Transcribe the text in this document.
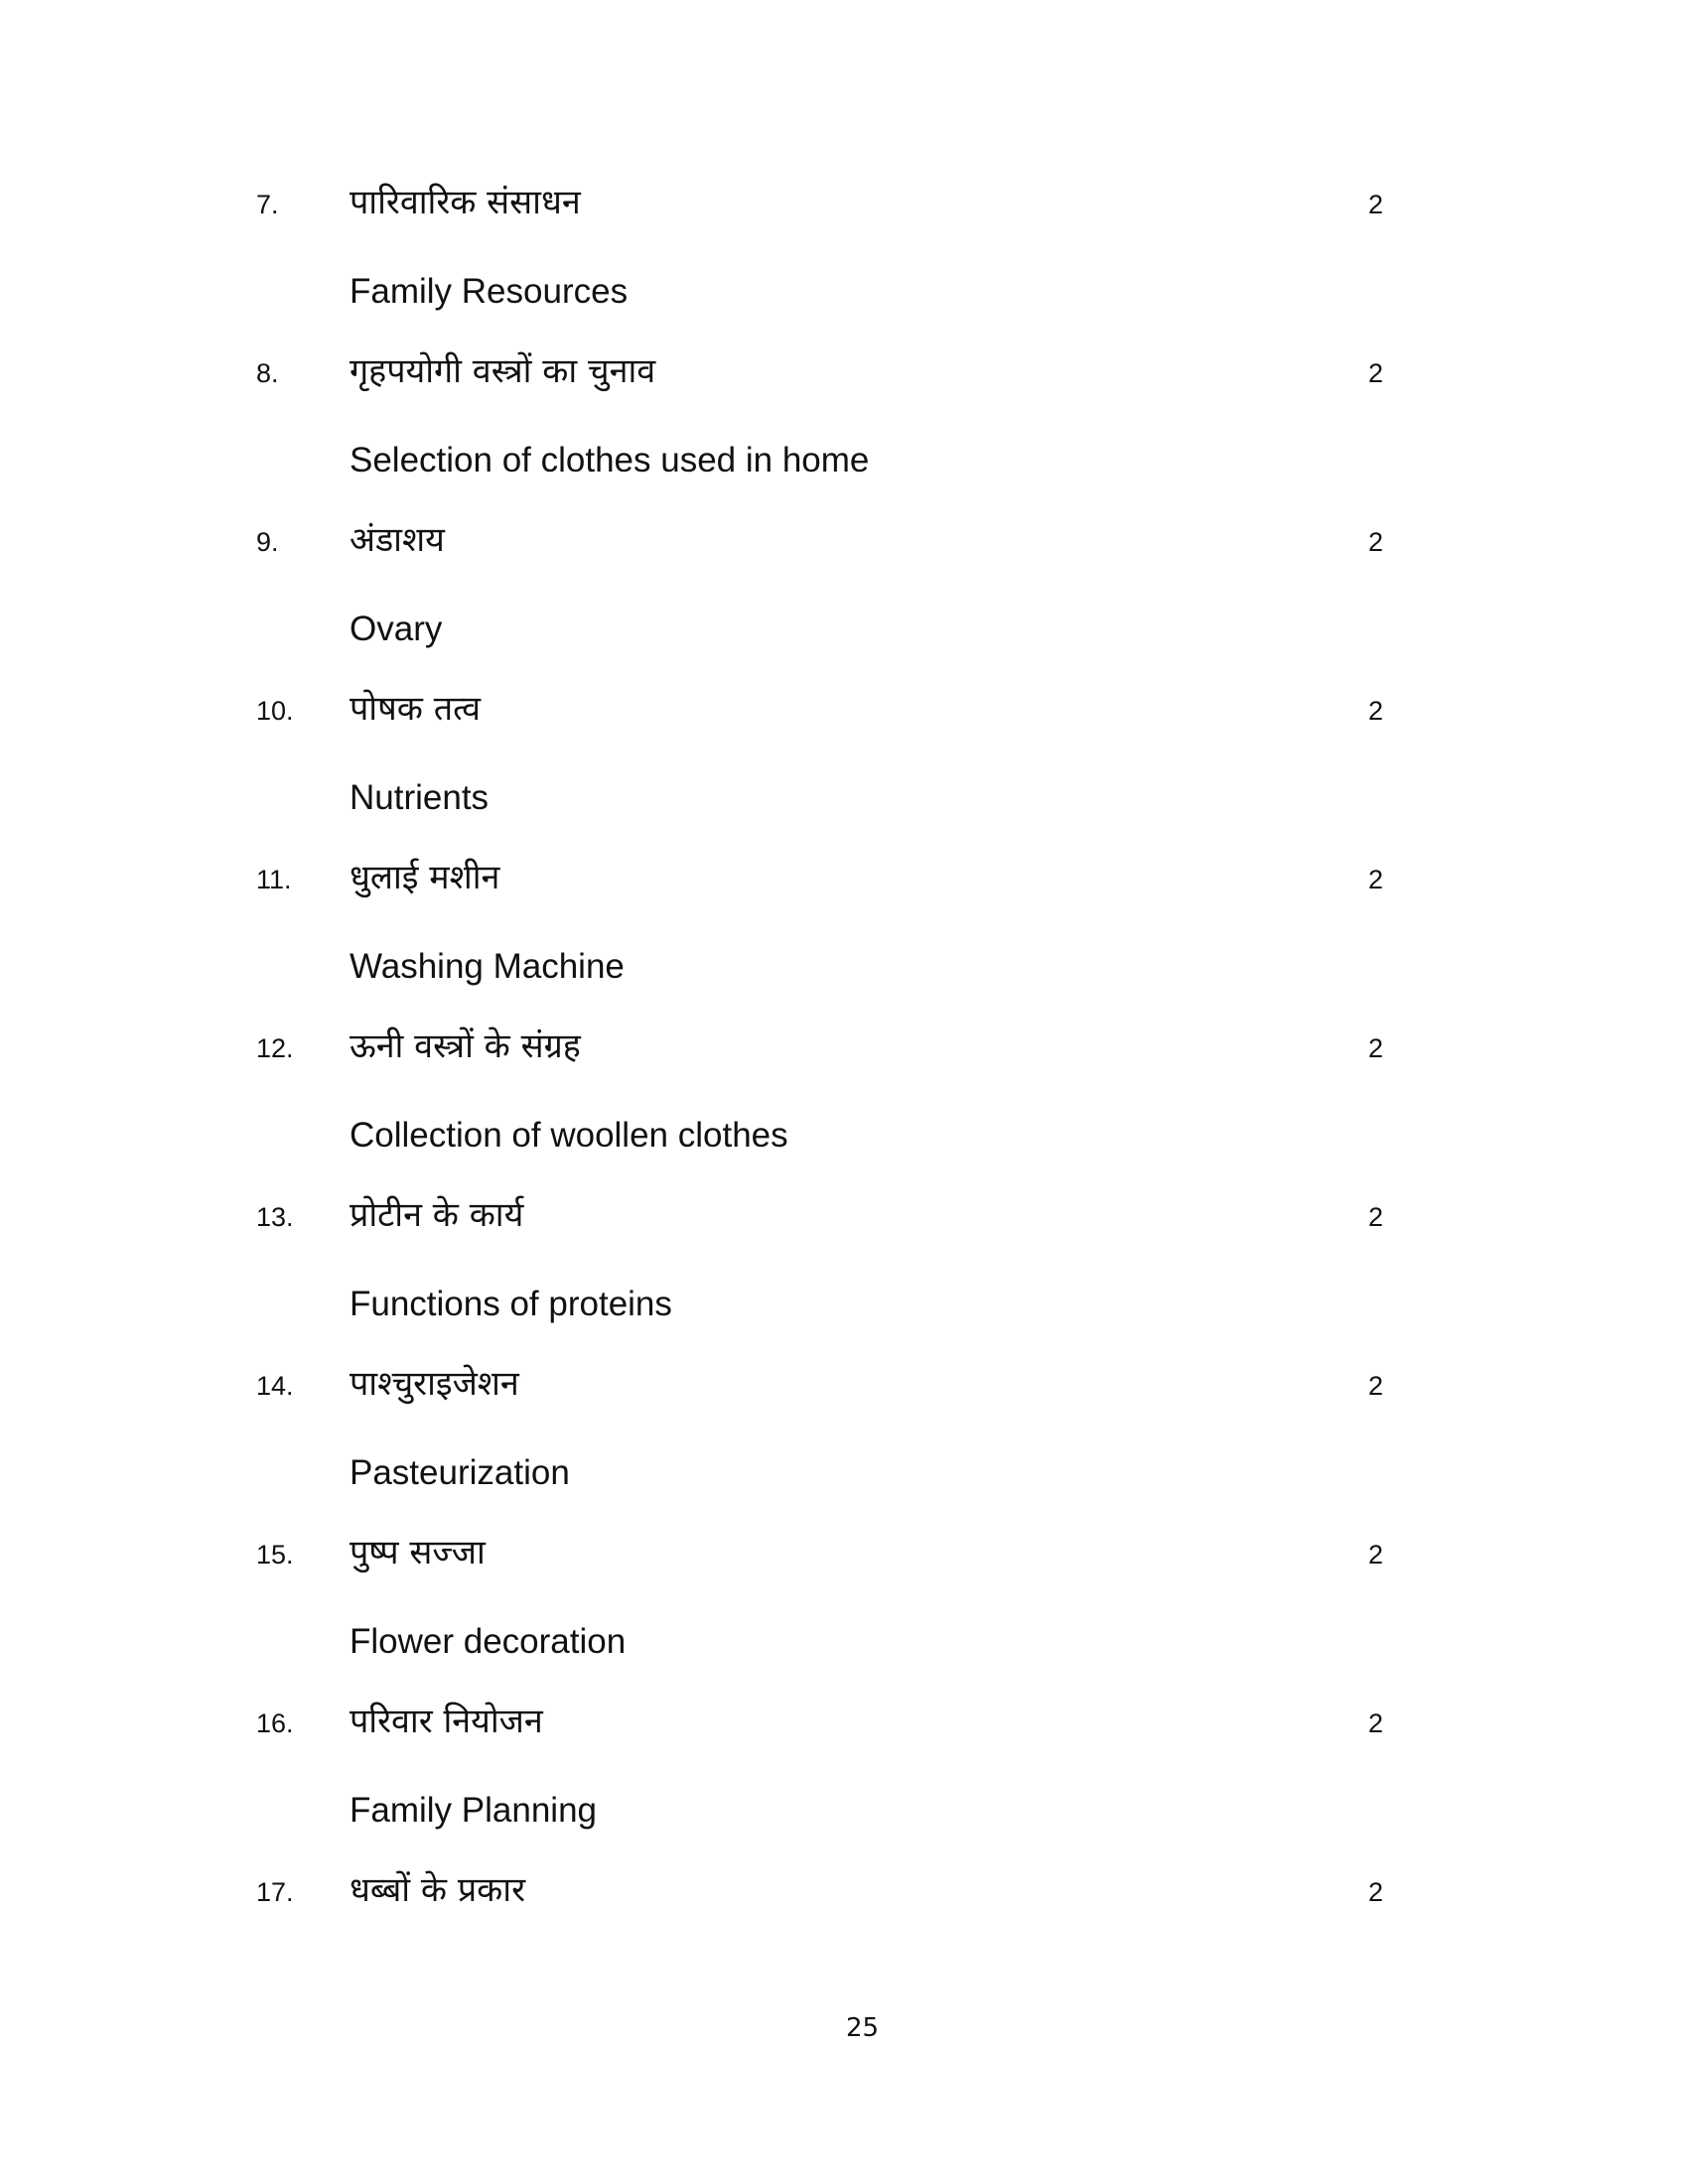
7. पारिवारिक संसाधन	2
Family Resources
8. गृहपयोगी वस्त्रों का चुनाव	2
Selection of clothes used in home
9. अंडाशय	2
Ovary
10. पोषक तत्व	2
Nutrients
11. धुलाई मशीन	2
Washing Machine
12. ऊनी वस्त्रों के संग्रह	2
Collection of woollen clothes
13. प्रोटीन के कार्य	2
Functions of proteins
14. पाश्चुराइजेशन	2
Pasteurization
15. पुष्प सज्जा	2
Flower decoration
16. परिवार नियोजन	2
Family Planning
17. धब्बों के प्रकार	2
25
